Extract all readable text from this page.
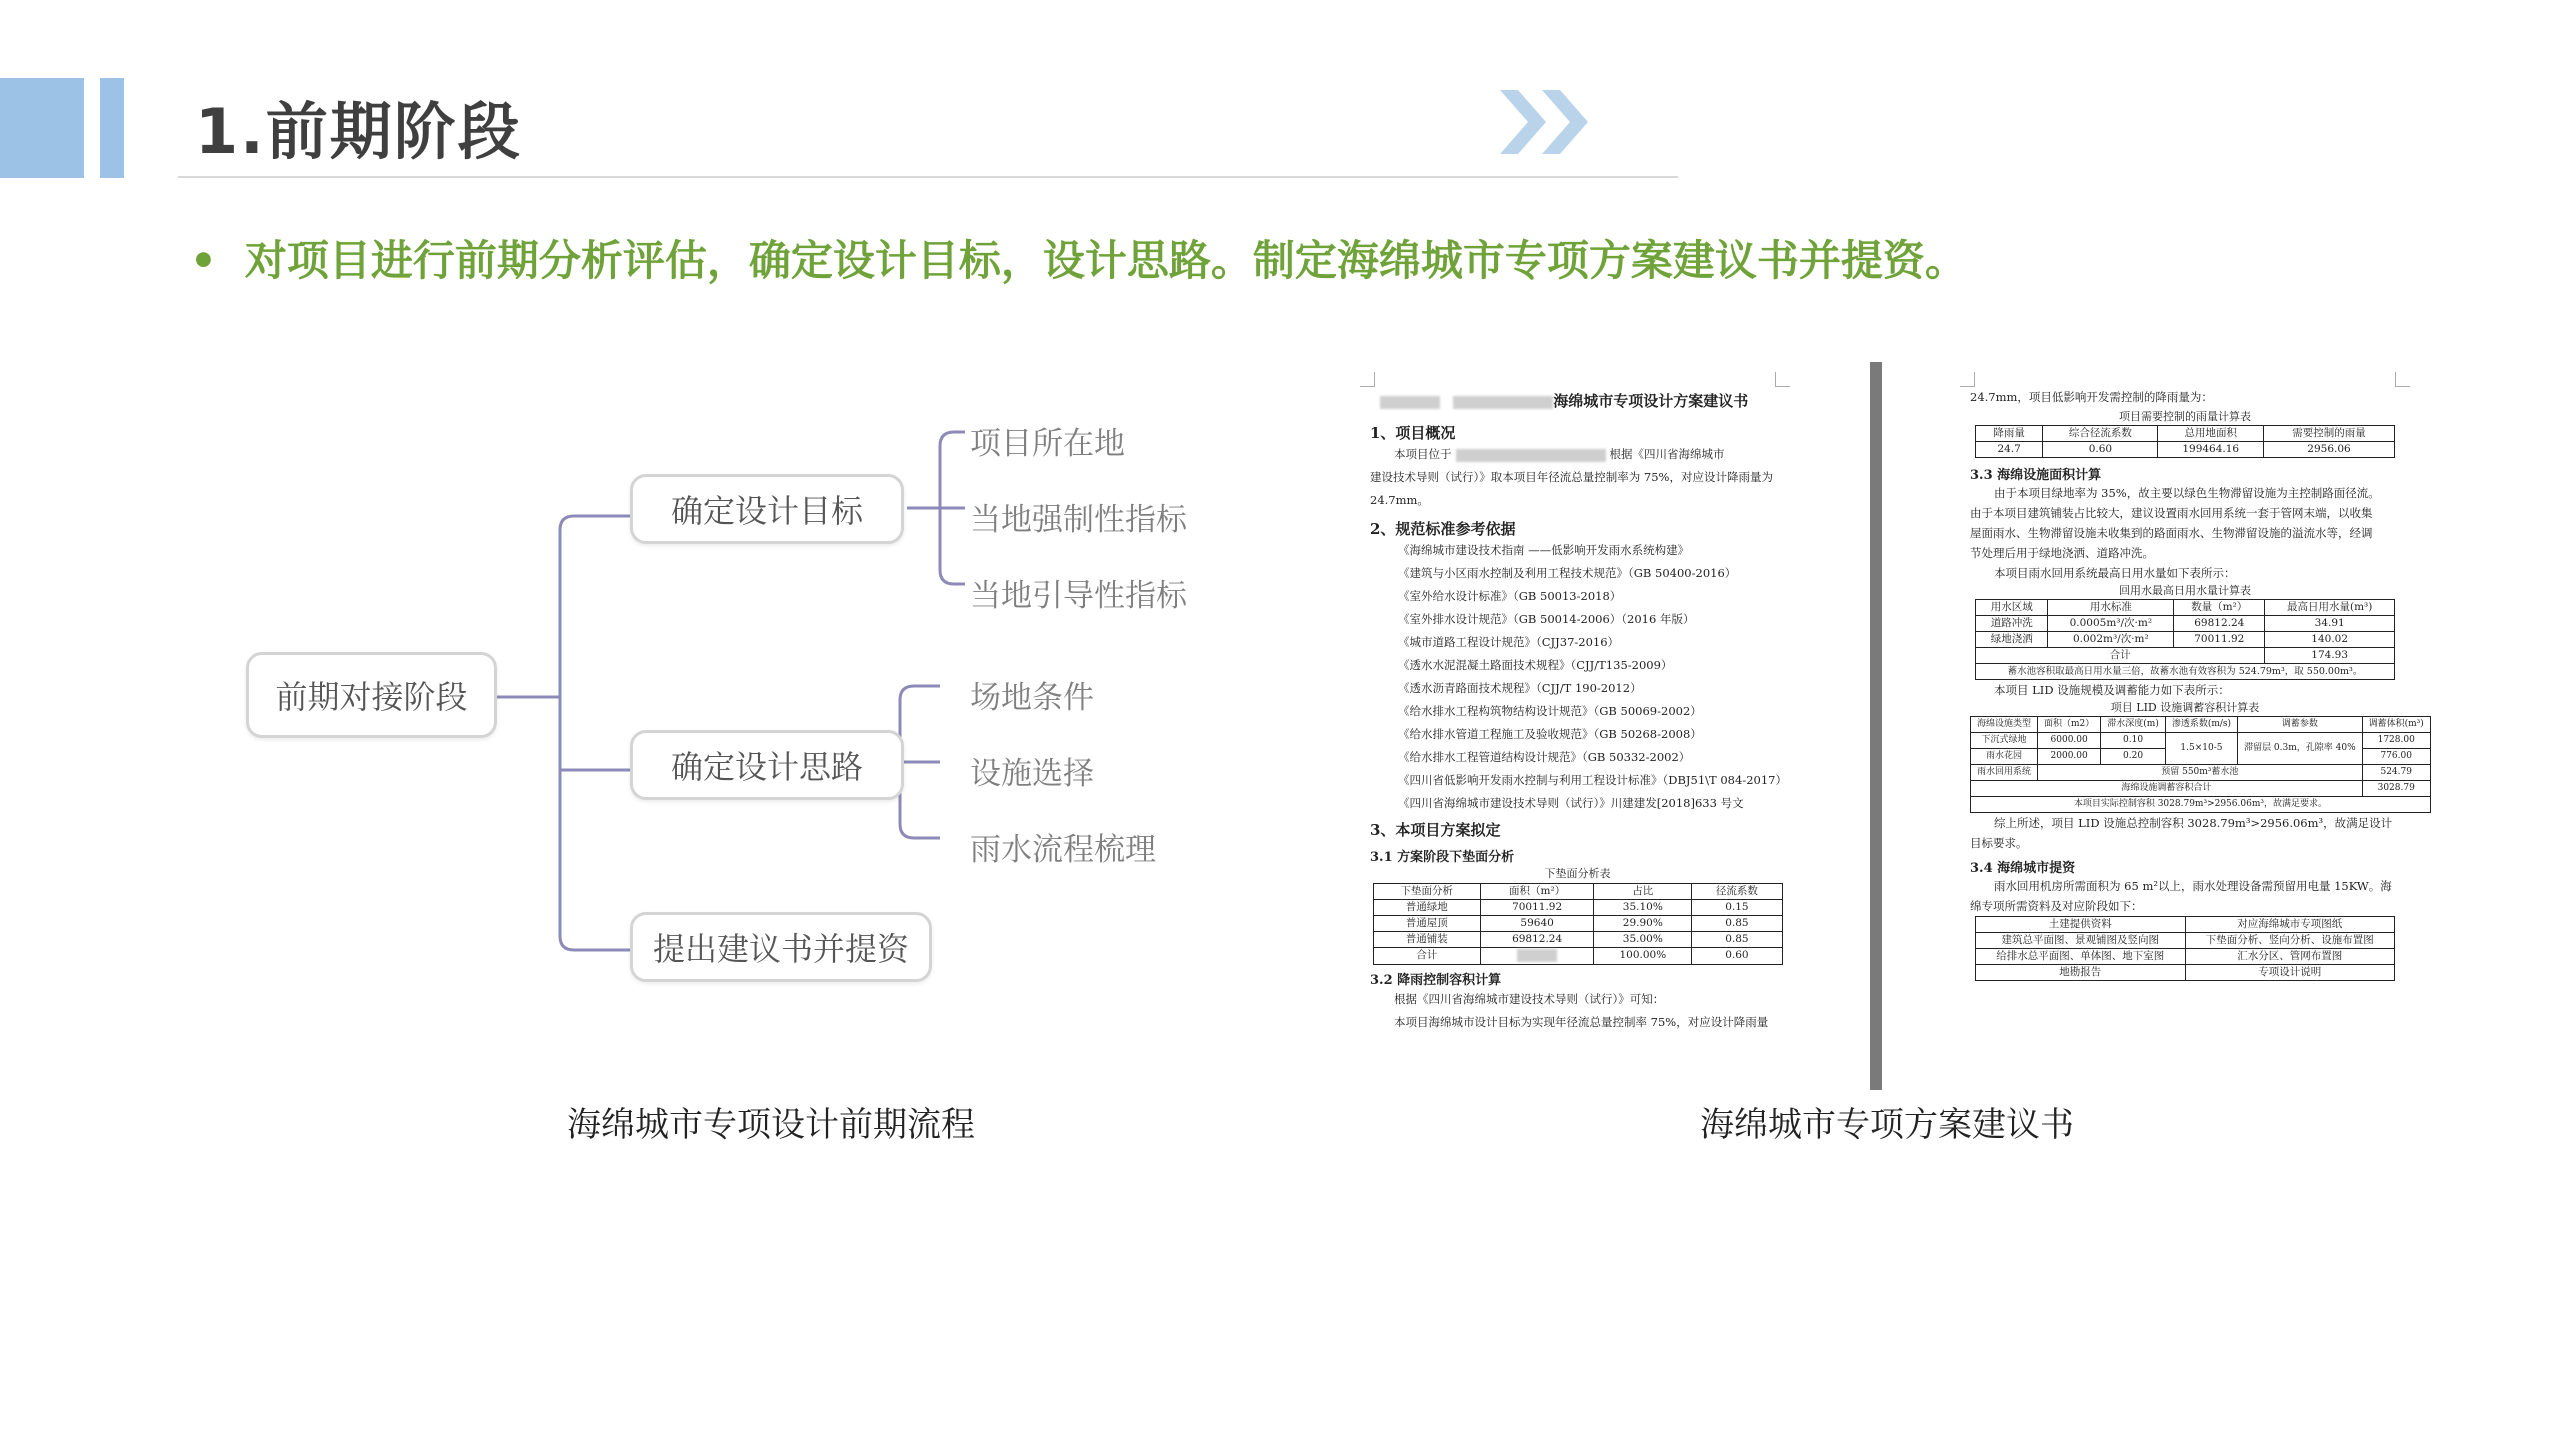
1.前期阶段
• 对项目进行前期分析评估，确定设计目标，设计思路。制定海绵城市专项方案建议书并提资。
前期对接阶段
确定设计目标
确定设计思路
提出建议书并提资
项目所在地
当地强制性指标
当地引导性指标
场地条件
设施选择
雨水流程梳理
海绵城市专项设计前期流程
海绵城市专项设计方案建议书
1、项目概况
本项目位于	根据《四川省海绵城市
建设技术导则（试行）》取本项目年径流总量控制率为 75%，对应设计降雨量为
24.7mm。
2、规范标准参考依据
《海绵城市建设技术指南 ——低影响开发雨水系统构建》
《建筑与小区雨水控制及利用工程技术规范》（GB 50400-2016）
《室外给水设计标准》（GB 50013-2018）
《室外排水设计规范》（GB 50014-2006）（2016 年版）
《城市道路工程设计规范》（CJJ37-2016）
《透水水泥混凝土路面技术规程》（CJJ/T135-2009）
《透水沥青路面技术规程》（CJJ/T 190-2012）
《给水排水工程构筑物结构设计规范》（GB 50069-2002）
《给水排水管道工程施工及验收规范》（GB 50268-2008）
《给水排水工程管道结构设计规范》（GB 50332-2002）
《四川省低影响开发雨水控制与利用工程设计标准》（DBJ51\T 084-2017）
《四川省海绵城市建设技术导则（试行）》川建建发[2018]633 号文
3、本项目方案拟定
3.1 方案阶段下垫面分析
下垫面分析表
下垫面分析	面积（m²）	占比	径流系数
普通绿地	70011.92	35.10%	0.15
普通屋顶	59640	29.90%	0.85
普通铺装	69812.24	35.00%	0.85
合计		100.00%	0.60
3.2 降雨控制容积计算
根据《四川省海绵城市建设技术导则（试行）》可知：
本项目海绵城市设计目标为实现年径流总量控制率 75%，对应设计降雨量
24.7mm，项目低影响开发需控制的降雨量为：
项目需要控制的雨量计算表
降雨量	综合径流系数	总用地面积	需要控制的雨量
24.7	0.60	199464.16	2956.06
3.3 海绵设施面积计算
由于本项目绿地率为 35%，故主要以绿色生物滞留设施为主控制路面径流。
由于本项目建筑铺装占比较大，建议设置雨水回用系统一套于管网末端，以收集
屋面雨水、生物滞留设施未收集到的路面雨水、生物滞留设施的溢流水等，经调
节处理后用于绿地浇洒、道路冲洗。
本项目雨水回用系统最高日用水量如下表所示：
回用水最高日用水量计算表
用水区域	用水标准	数量（m²）	最高日用水量(m³)
道路冲洗	0.0005m³/次·m²	69812.24	34.91
绿地浇洒	0.002m³/次·m²	70011.92	140.02
合计			174.93
蓄水池容积取最高日用水量三倍，故蓄水池有效容积为 524.79m³，取 550.00m³。			
本项目 LID 设施规模及调蓄能力如下表所示：
项目 LID 设施调蓄容积计算表
海绵设施类型	面积（m2）	滞水深度(m)	渗透系数(m/s)	调蓄参数	调蓄体积(m³)
下沉式绿地	6000.00	0.10	1.5×10-5	滞留层 0.3m，孔隙率 40%	1728.00
雨水花园	2000.00	0.20			776.00
雨水回用系统	预留 550m³蓄水池				524.79
海绵设施调蓄容积合计					3028.79
本项目实际控制容积 3028.79m³>2956.06m³，故满足要求。					
综上所述，项目 LID 设施总控制容积 3028.79m³>2956.06m³，故满足设计
目标要求。
3.4 海绵城市提资
雨水回用机房所需面积为 65 m²以上，雨水处理设备需预留用电量 15KW。海
绵专项所需资料及对应阶段如下：
土建提供资料	对应海绵城市专项图纸
建筑总平面图、景观铺图及竖向图	下垫面分析、竖向分析、设施布置图
给排水总平面图、单体图、地下室图	汇水分区、管网布置图
地勘报告	专项设计说明
海绵城市专项方案建议书
